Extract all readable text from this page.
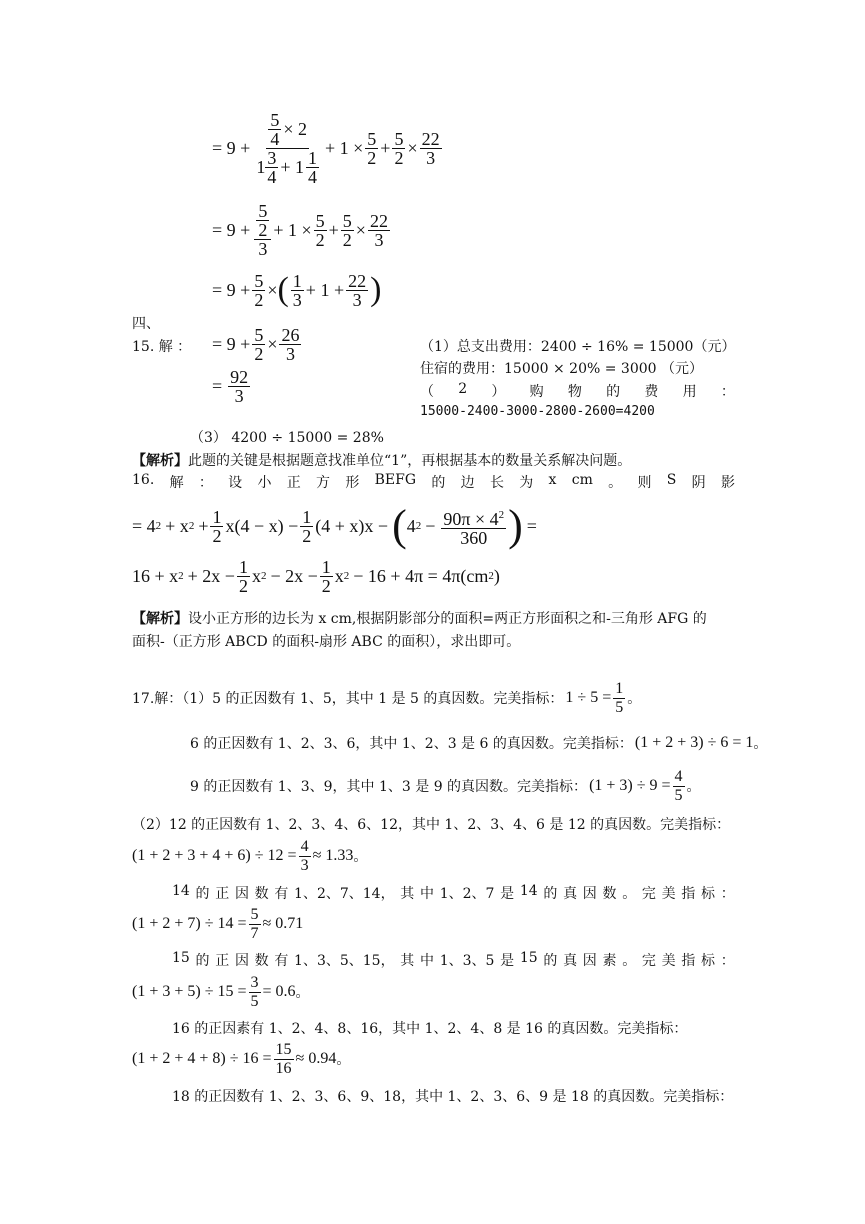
= $9 + \frac{\frac{5}{4} \times 2}{1 \frac{3}{4} + 1 \frac{1}{4}} + 1 \times \frac{5}{2} + \frac{5}{2} \times \frac{22}{3}$
= $9 + \frac{\frac{5}{2}}{3} + 1 \times \frac{5}{2} + \frac{5}{2} \times \frac{22}{3}$
= $9 + \frac{5}{2}$ × ( $\frac{1}{3} + 1 + \frac{22}{3}$ )
四、
15. 解 ： = $9 + \frac{5}{2} \times \frac{26}{3}$
= $\frac{92}{3}$
（1）总支出费用：2400 ÷ 16% = 15000（元）
住宿的费用：15000 × 20% = 3000 （元）
（ 2 ） 购 物 的 费 用 ：
15000-2400-3000-2800-2600=4200
（3） 4200 ÷ 15000 = 28%
【解析】此题的关键是根据题意找准单位“1”，再根据基本的数量关系解决问题。
16. 解 ： 设 小 正 方 形 BEFG 的 边 长 为 x cm 。 则 S 阴 影
= 4 2 + x $2 + \frac{1}{2} x(4 - x) - \frac{1}{2} (4 + x)x$ − ( 4 $2 - \frac{90\pi \times 4^2}{360}$ ) =
16 + x $2 + 2x - \frac{1}{2}$ x $2 - 2x - \frac{1}{2}$ x 2 − 16 + 4π = 4π(cm 2 )
【解析】设小正方形的边长为 x cm,根据阴影部分的面积=两正方形面积之和-三角形 AFG 的
面积-（正方形 ABCD 的面积-扇形 ABC 的面积），求出即可。
17.解：（1）5 的正因数有 1、5，其中 1 是 5 的真因数。完美指标： $1 \div 5 = \frac{1}{5}$ 。
6 的正因数有 1、2、3、6，其中 1、2、3 是 6 的真因数。完美指标： (1 + 2 + 3) ÷ 6 = 1 。
9 的正因数有 1、3、9，其中 1、3 是 9 的真因数。完美指标： $(1 + 3) \div 9 = \frac{4}{5}$ 。
（2）12 的正因数有 1、2、3、4、6、12，其中 1、2、3、4、6 是 12 的真因数。完美指标：
$(1 + 2 + 3 + 4 + 6) \div 12 = \frac{4}{3} \approx 1.33$ 。
14 的 正 因 数 有 1、2、7、14， 其 中 1、2、7 是 14 的 真 因 数 。 完 美 指 标 ：
$(1 + 2 + 7) \div 14 = \frac{5}{7} \approx 0.71$
15 的 正 因 数 有 1、3、5、15， 其 中 1、3、5 是 15 的 真 因 素 。 完 美 指 标 ：
$(1 + 3 + 5) \div 15 = \frac{3}{5} = 0.6$ 。
16 的正因素有 1、2、4、8、16，其中 1、2、4、8 是 16 的真因数。完美指标：
$(1 + 2 + 4 + 8) \div 16 = \frac{15}{16} \approx 0.94$ 。
18 的正因数有 1、2、3、6、9、18，其中 1、2、3、6、9 是 18 的真因数。完美指标：
